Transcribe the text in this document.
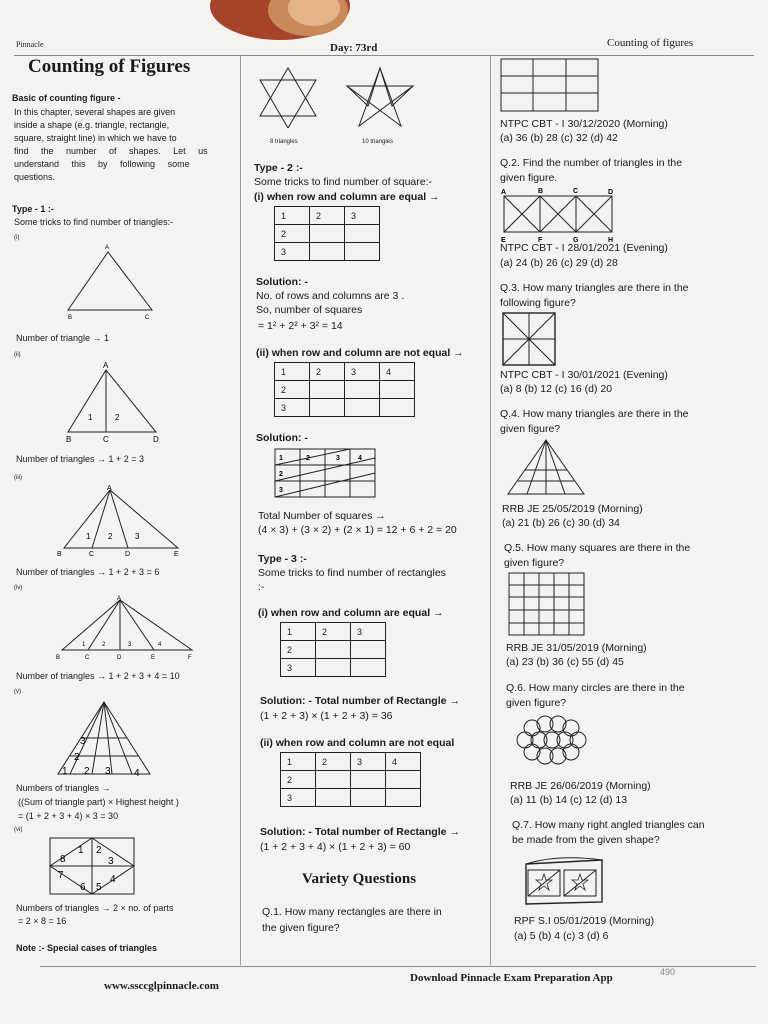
Pinnacle	Day: 73rd	Counting of figures
Counting of Figures
Basic of counting figure -
In this chapter, several shapes are given
inside a shape (e.g. triangle, rectangle,
square, straight line) in which we have to
find the number of shapes. Let us
understand this by following some
questions.
Type - 1 :-
Some tricks to find number of triangles:-
(i)
A
B	C
Number of triangle → 1
(ii)
A
1	2
B	C	D
Number of triangles → 1 + 2 = 3
(iii)
A
1 2	3
B	C	D	E
Number of triangles → 1 + 2 + 3 = 6
(iv)
A
1	2	3	4
B	C	D	E	F
Number of triangles → 1 + 2 + 3 + 4 = 10
(v)
3
2
1 2 3 4
Numbers of triangles →
((Sum of triangle part) × Highest height )
= (1 + 2 + 3 + 4) × 3 = 30
(vi)
1 2
3
4
5
6
7
8
Numbers of triangles → 2 × no. of parts
= 2 × 8 = 16
Note :- Special cases of triangles
8 triangles	10 triangles
Type - 2 :-
Some tricks to find number of square:-
(i) when row and column are equal →
1	2	3
2		
3		
Solution: -
No. of rows and columns are 3 .
So, number of squares
= 1² + 2² + 3² = 14
(ii) when row and column are not equal →
1	2	3	4
2			
3			
Solution: -
1	2	3	4
2
3
Total Number of squares →
(4 × 3) + (3 × 2) + (2 × 1) = 12 + 6 + 2 = 20
Type - 3 :-
Some tricks to find number of rectangles
:-
(i) when row and column are equal →
1	2	3
2		
3		
Solution: - Total number of Rectangle →
(1 + 2 + 3) × (1 + 2 + 3) = 36
(ii) when row and column are not equal
1	2	3	4
2			
3			
Solution: - Total number of Rectangle →
(1 + 2 + 3 + 4) × (1 + 2 + 3) = 60
Variety Questions
Q.1. How many rectangles are there in
the given figure?
NTPC CBT - I 30/12/2020 (Morning)
(a) 36 (b) 28 (c) 32 (d) 42
Q.2. Find the number of triangles in the
given figure.
A	B	C	D
E	F	G	H
NTPC CBT - I 28/01/2021 (Evening)
(a) 24 (b) 26 (c) 29 (d) 28
Q.3. How many triangles are there in the
following figure?
NTPC CBT - I 30/01/2021 (Evening)
(a) 8 (b) 12 (c) 16 (d) 20
Q.4. How many triangles are there in the
given figure?
RRB JE 25/05/2019 (Morning)
(a) 21 (b) 26 (c) 30 (d) 34
Q.5. How many squares are there in the
given figure?
RRB JE 31/05/2019 (Morning)
(a) 23 (b) 36 (c) 55 (d) 45
Q.6. How many circles are there in the
given figure?
RRB JE 26/06/2019 (Morning)
(a) 11 (b) 14 (c) 12 (d) 13
Q.7. How many right angled triangles can
be made from the given shape?
RPF S.I 05/01/2019 (Morning)
(a) 5 (b) 4 (c) 3 (d) 6
www.ssccglpinnacle.com
Download Pinnacle Exam Preparation App	490
